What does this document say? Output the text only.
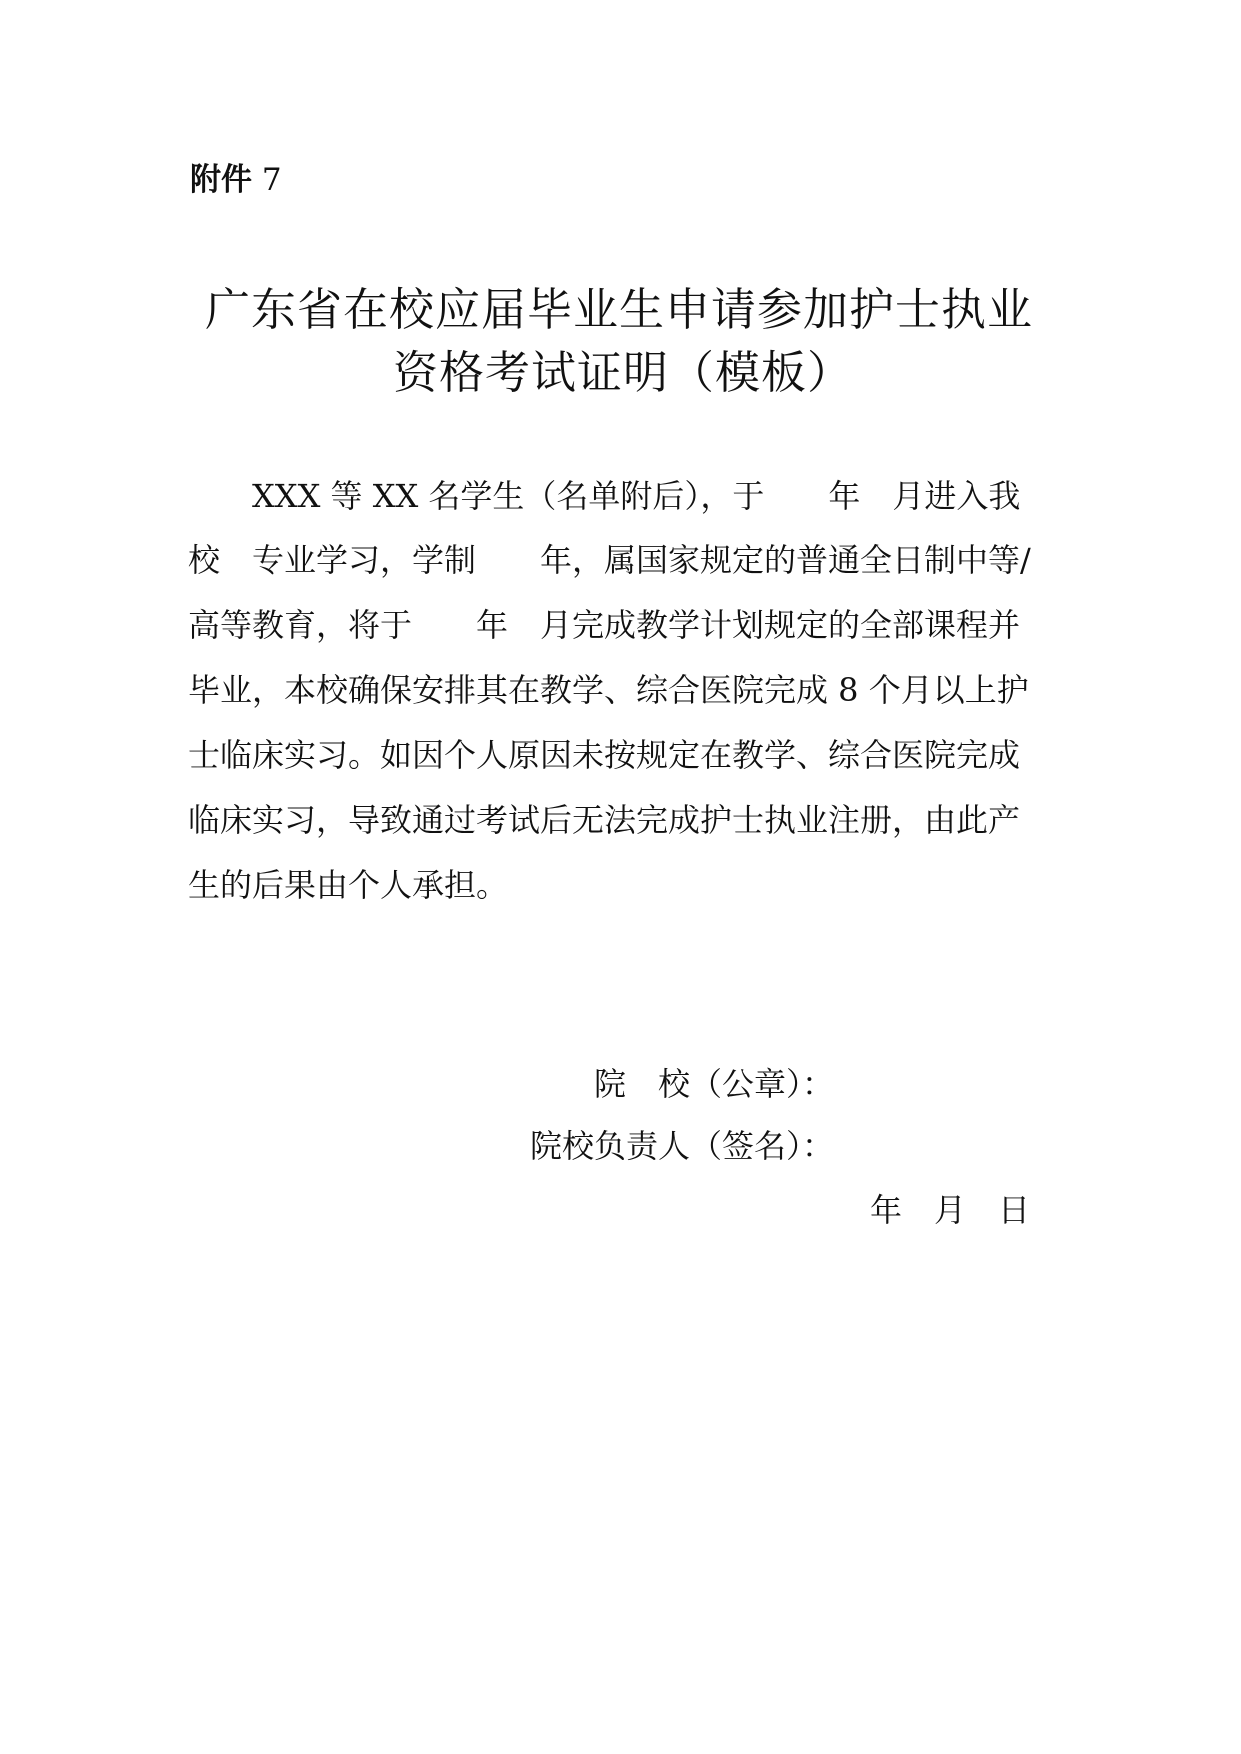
附件 7
广东省在校应届毕业生申请参加护士执业
资格考试证明（模板）
XXX 等 XX 名学生（名单附后），于　　年　月进入我
校　专业学习，学制　　年，属国家规定的普通全日制中等/
高等教育，将于　　年　月完成教学计划规定的全部课程并
毕业，本校确保安排其在教学、综合医院完成 8 个月以上护
士临床实习。如因个人原因未按规定在教学、综合医院完成
临床实习，导致通过考试后无法完成护士执业注册，由此产
生的后果由个人承担。
院　校（公章）：
院校负责人（签名）：
年　月　日
